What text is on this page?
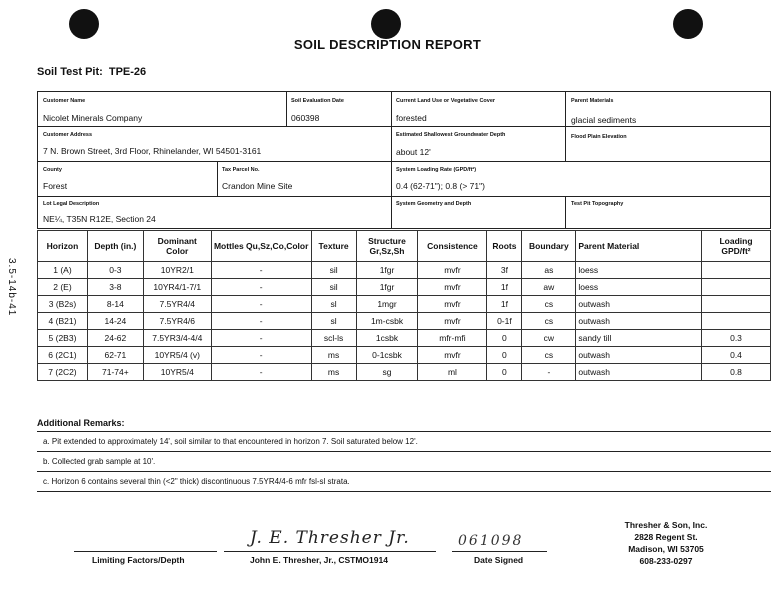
SOIL DESCRIPTION REPORT
Soil Test Pit: TPE-26
3.5-14b-41
Customer Name
Nicolet Minerals Company
Soil Evaluation Date
060398
Current Land Use or Vegetative Cover
forested
Parent Materials
glacial sediments
Customer Address
7 N. Brown Street, 3rd Floor, Rhinelander, WI 54501-3161
Estimated Shallowest Groundwater Depth
about 12'
Flood Plain Elevation
County
Forest
Tax Parcel No.
Crandon Mine Site
System Loading Rate (GPD/ft²)
0.4 (62-71"); 0.8 (> 71")
Lot Legal Description
NE¼, T35N R12E, Section 24
System Geometry and Depth	Test Pit Topography
Horizon	Depth (in.)	Dominant Color	Mottles Qu,Sz,Co,Color	Texture	Structure Gr,Sz,Sh	Consistence	Roots	Boundary	Parent Material	Loading GPD/ft²
1 (A)	0-3	10YR2/1	-	sil	1fgr	mvfr	3f	as	loess	
2 (E)	3-8	10YR4/1-7/1	-	sil	1fgr	mvfr	1f	aw	loess	
3 (B2s)	8-14	7.5YR4/4	-	sl	1mgr	mvfr	1f	cs	outwash	
4 (B21)	14-24	7.5YR4/6	-	sl	1m-csbk	mvfr	0-1f	cs	outwash	
5 (2B3)	24-62	7.5YR3/4-4/4	-	scl-ls	1csbk	mfr-mfi	0	cw	sandy till	0.3
6 (2C1)	62-71	10YR5/4 (v)	-	ms	0-1csbk	mvfr	0	cs	outwash	0.4
7 (2C2)	71-74+	10YR5/4	-	ms	sg	ml	0	-	outwash	0.8
Additional Remarks:
a. Pit extended to approximately 14', soil similar to that encountered in horizon 7. Soil saturated below 12'.
b. Collected grab sample at 10'.
c. Horizon 6 contains several thin (<2" thick) discontinuous 7.5YR4/4-6 mfr fsl-sl strata.
Limiting Factors/Depth
J. E. Thresher Jr.
John E. Thresher, Jr., CSTMO1914
061098
Date Signed
Thresher & Son, Inc.
2828 Regent St.
Madison, WI 53705
608-233-0297
